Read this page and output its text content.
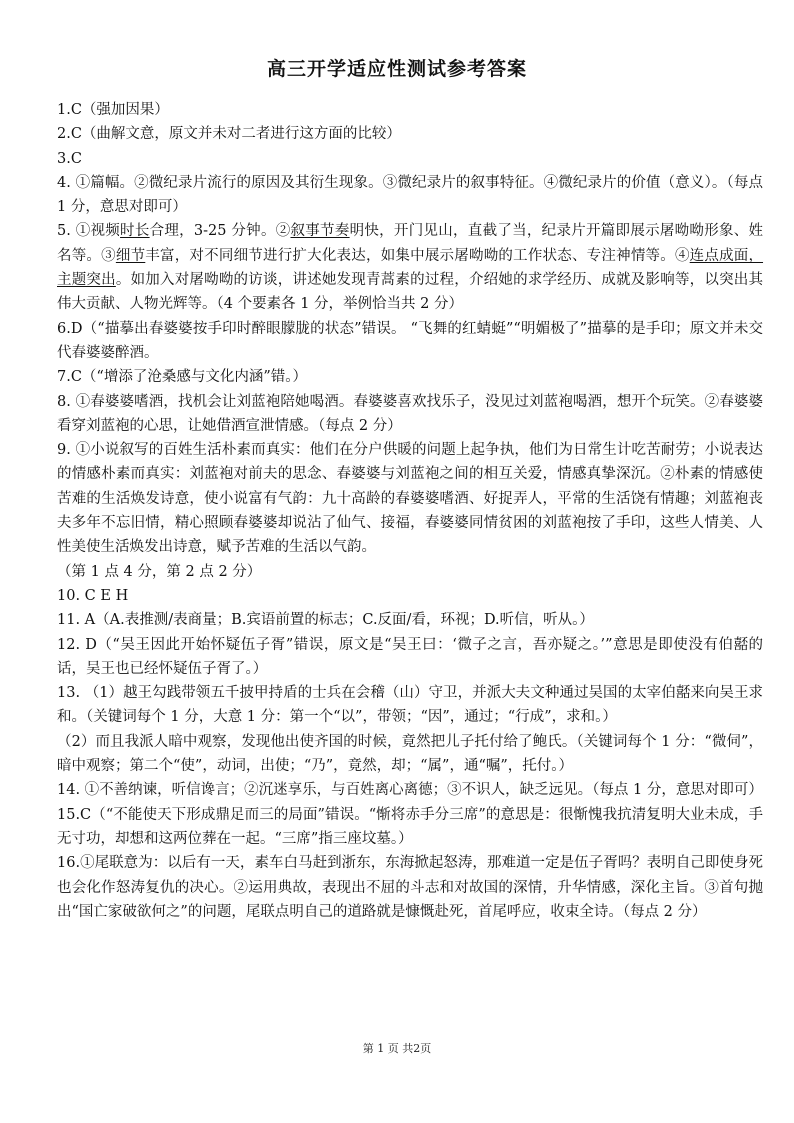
高三开学适应性测试参考答案

1.C（强加因果）

2.C（曲解文意，原文并未对二者进行这方面的比较）

3.C

4. ①篇幅。②微纪录片流行的原因及其衍生现象。③微纪录片的叙事特征。④微纪录片的价值（意义）。（每点 1 分，意思对即可）

5. ①视频时长合理，3-25 分钟。②叙事节奏明快，开门见山，直截了当，纪录片开篇即展示屠呦呦形象、姓名等。③细节丰富，对不同细节进行扩大化表达，如集中展示屠呦呦的工作状态、专注神情等。④连点成面，主题突出。如加入对屠呦呦的访谈，讲述她发现青蒿素的过程，介绍她的求学经历、成就及影响等，以突出其伟大贡献、人物光辉等。（4 个要素各 1 分，举例恰当共 2 分）

6.D（“描摹出春婆婆按手印时醉眼朦胧的状态”错误。 “飞舞的红蜻蜓”“明媚极了”描摹的是手印；原文并未交代春婆婆醉酒。

7.C（“增添了沧桑感与文化内涵”错。）

8. ①春婆婆嗜酒，找机会让刘蓝袍陪她喝酒。春婆婆喜欢找乐子，没见过刘蓝袍喝酒，想开个玩笑。②春婆婆看穿刘蓝袍的心思，让她借酒宣泄情感。（每点 2 分）

9. ①小说叙写的百姓生活朴素而真实：他们在分户供暖的问题上起争执，他们为日常生计吃苦耐劳；小说表达的情感朴素而真实：刘蓝袍对前夫的思念、春婆婆与刘蓝袍之间的相互关爱，情感真挚深沉。②朴素的情感使苦难的生活焕发诗意，使小说富有气韵：九十高龄的春婆婆嗜酒、好捉弄人，平常的生活饶有情趣；刘蓝袍丧夫多年不忘旧情，精心照顾春婆婆却说沾了仙气、接福，春婆婆同情贫困的刘蓝袍按了手印，这些人情美、人性美使生活焕发出诗意，赋予苦难的生活以气韵。

（第 1 点 4 分，第 2 点 2 分）

10. C E H

11. A（A.表推测/表商量；B.宾语前置的标志；C.反面/看，环视；D.听信，听从。）

12. D（“吴王因此开始怀疑伍子胥”错误，原文是“吴王曰：‘微子之言，吾亦疑之。’”意思是即使没有伯嚭的话，吴王也已经怀疑伍子胥了。）

13. （1）越王勾践带领五千披甲持盾的士兵在会稽（山）守卫，并派大夫文种通过吴国的太宰伯嚭来向吴王求和。（关键词每个 1 分，大意 1 分：第一个“以”，带领；“因”，通过；“行成”，求和。）

（2）而且我派人暗中观察，发现他出使齐国的时候，竟然把儿子托付给了鲍氏。（关键词每个 1 分：“微伺”，暗中观察；第二个“使”，动词，出使；“乃”，竟然，却；“属”，通“嘱”，托付。）

14. ①不善纳谏，听信谗言；②沉迷享乐，与百姓离心离德；③不识人，缺乏远见。（每点 1 分，意思对即可）

15.C（“不能使天下形成鼎足而三的局面”错误。“惭将赤手分三席”的意思是：很惭愧我抗清复明大业未成，手无寸功，却想和这两位葬在一起。“三席”指三座坟墓。）

16.①尾联意为：以后有一天，素车白马赶到浙东，东海掀起怒涛，那难道一定是伍子胥吗？表明自己即使身死也会化作怒涛复仇的决心。②运用典故，表现出不屈的斗志和对故国的深情，升华情感，深化主旨。③首句抛出“国亡家破欲何之”的问题，尾联点明自己的道路就是慷慨赴死，首尾呼应，收束全诗。（每点 2 分）

第 1 页 共2页
